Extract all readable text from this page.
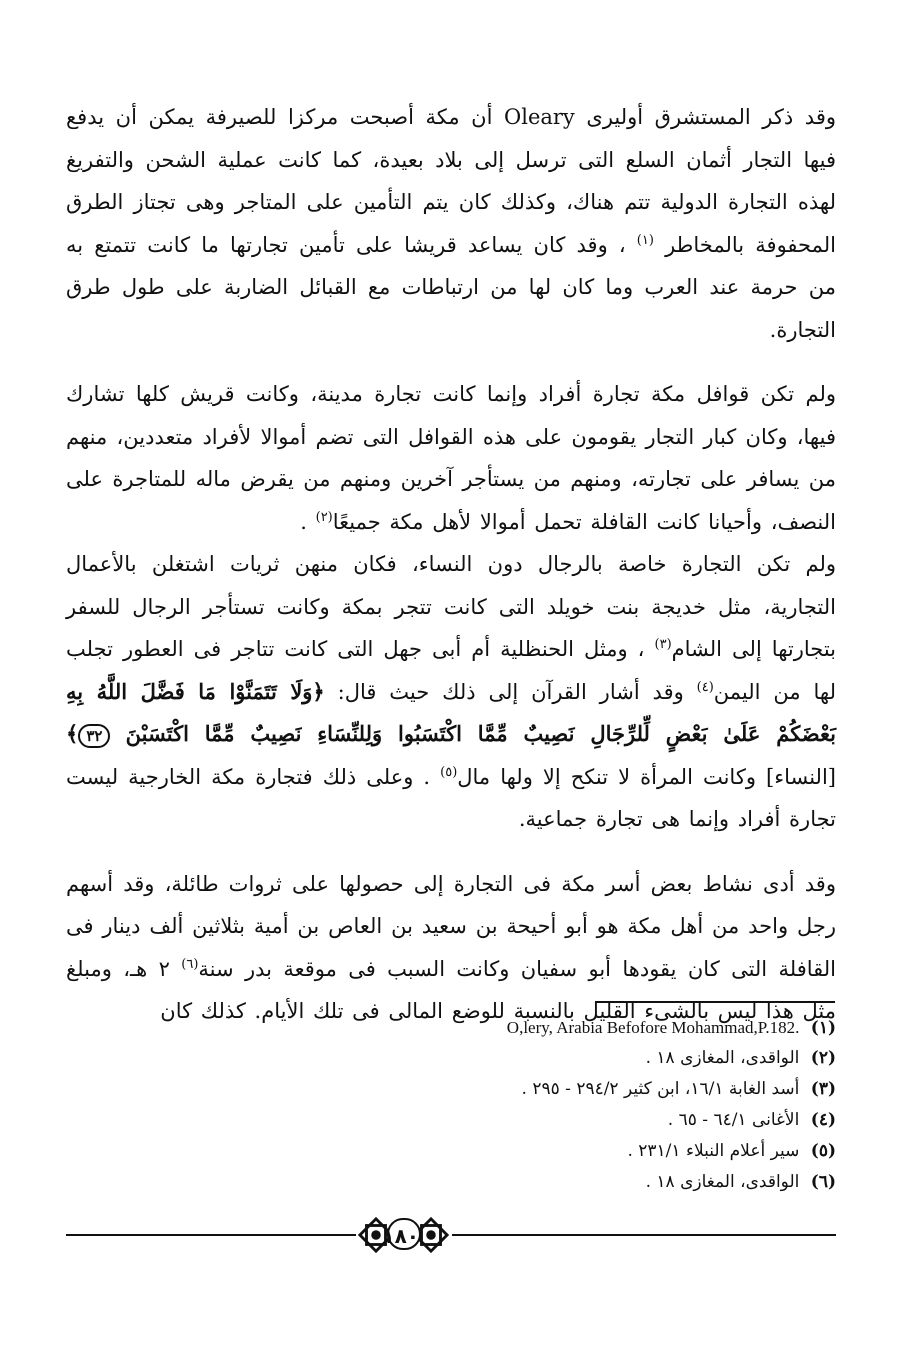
وقد ذكر المستشرق أوليرى Oleary أن مكة أصبحت مركزا للصيرفة يمكن أن يدفع فيها التجار أثمان السلع التى ترسل إلى بلاد بعيدة، كما كانت عملية الشحن والتفريغ لهذه التجارة الدولية تتم هناك، وكذلك كان يتم التأمين على المتاجر وهى تجتاز الطرق المحفوفة بالمخاطر $^{(١)}$ ، وقد كان يساعد قريشا على تأمين تجارتها ما كانت تتمتع به من حرمة عند العرب وما كان لها من ارتباطات مع القبائل الضاربة على طول طرق التجارة.

ولم تكن قوافل مكة تجارة أفراد وإنما كانت تجارة مدينة، وكانت قريش كلها تشارك فيها، وكان كبار التجار يقومون على هذه القوافل التى تضم أموالا لأفراد متعددين، منهم من يسافر على تجارته، ومنهم من يستأجر آخرين ومنهم من يقرض ماله للمتاجرة على النصف، وأحيانا كانت القافلة تحمل أموالا لأهل مكة جميعًا$^{(٢)}$ .

ولم تكن التجارة خاصة بالرجال دون النساء، فكان منهن ثريات اشتغلن بالأعمال التجارية، مثل خديجة بنت خويلد التى كانت تتجر بمكة وكانت تستأجر الرجال للسفر بتجارتها إلى الشام$^{(٣)}$ ، ومثل الحنظلية أم أبى جهل التى كانت تتاجر فى العطور تجلب لها من اليمن$^{(٤)}$ وقد أشار القرآن إلى ذلك حيث قال: ﴿وَلَا تَتَمَنَّوْا مَا فَضَّلَ اللَّهُ بِهِ بَعْضَكُمْ عَلَىٰ بَعْضٍ لِّلرِّجَالِ نَصِيبٌ مِّمَّا اكْتَسَبُوا وَلِلنِّسَاءِ نَصِيبٌ مِّمَّا اكْتَسَبْنَ ٣٢﴾ [النساء] وكانت المرأة لا تنكح إلا ولها مال$^{(٥)}$ . وعلى ذلك فتجارة مكة الخارجية ليست تجارة أفراد وإنما هى تجارة جماعية.

وقد أدى نشاط بعض أسر مكة فى التجارة إلى حصولها على ثروات طائلة، وقد أسهم رجل واحد من أهل مكة هو أبو أحيحة بن سعيد بن العاص بن أمية بثلاثين ألف دينار فى القافلة التى كان يقودها أبو سفيان وكانت السبب فى موقعة بدر سنة$^{(٦)}$ ٢ هـ، ومبلغ مثل هذا ليس بالشىء القليل بالنسبة للوضع المالى فى تلك الأيام. كذلك كان

(١) O,lery, Arabia Befofore Mohammad,P.182.
(٢) الواقدى، المغازى ١٨ .
(٣) أسد الغابة ١٦/١، ابن كثير ٢٩٤/٢ - ٢٩٥ .
(٤) الأغانى ٦٤/١ - ٦٥ .
(٥) سير أعلام النبلاء ٢٣١/١ .
(٦) الواقدى، المغازى ١٨ .
١٨٠
